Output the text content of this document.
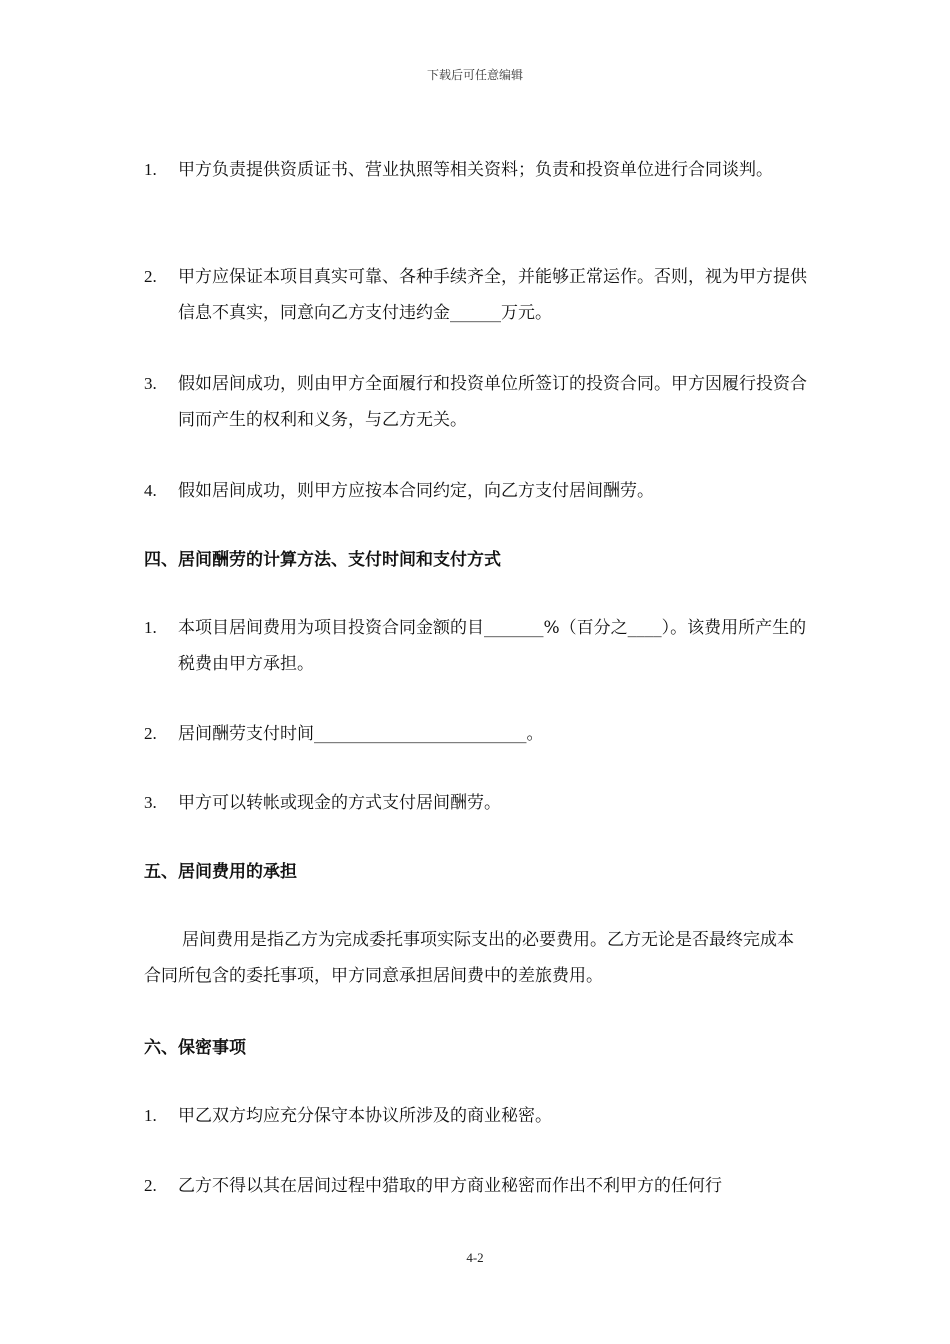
下载后可任意编辑
1.	甲方负责提供资质证书、营业执照等相关资料；负责和投资单位进行合同谈判。
2.	甲方应保证本项目真实可靠、各种手续齐全，并能够正常运作。否则，视为甲方提供信息不真实，同意向乙方支付违约金______万元。
3.	假如居间成功，则由甲方全面履行和投资单位所签订的投资合同。甲方因履行投资合同而产生的权利和义务，与乙方无关。
4.	假如居间成功，则甲方应按本合同约定，向乙方支付居间酬劳。
四、居间酬劳的计算方法、支付时间和支付方式
1.	本项目居间费用为项目投资合同金额的目_______%（百分之____）。该费用所产生的税费由甲方承担。
2.	居间酬劳支付时间_________________________。
3.	甲方可以转帐或现金的方式支付居间酬劳。
五、居间费用的承担
居间费用是指乙方为完成委托事项实际支出的必要费用。乙方无论是否最终完成本合同所包含的委托事项，甲方同意承担居间费中的差旅费用。
六、保密事项
1.	甲乙双方均应充分保守本协议所涉及的商业秘密。
2.	乙方不得以其在居间过程中猎取的甲方商业秘密而作出不利甲方的任何行
4-2
